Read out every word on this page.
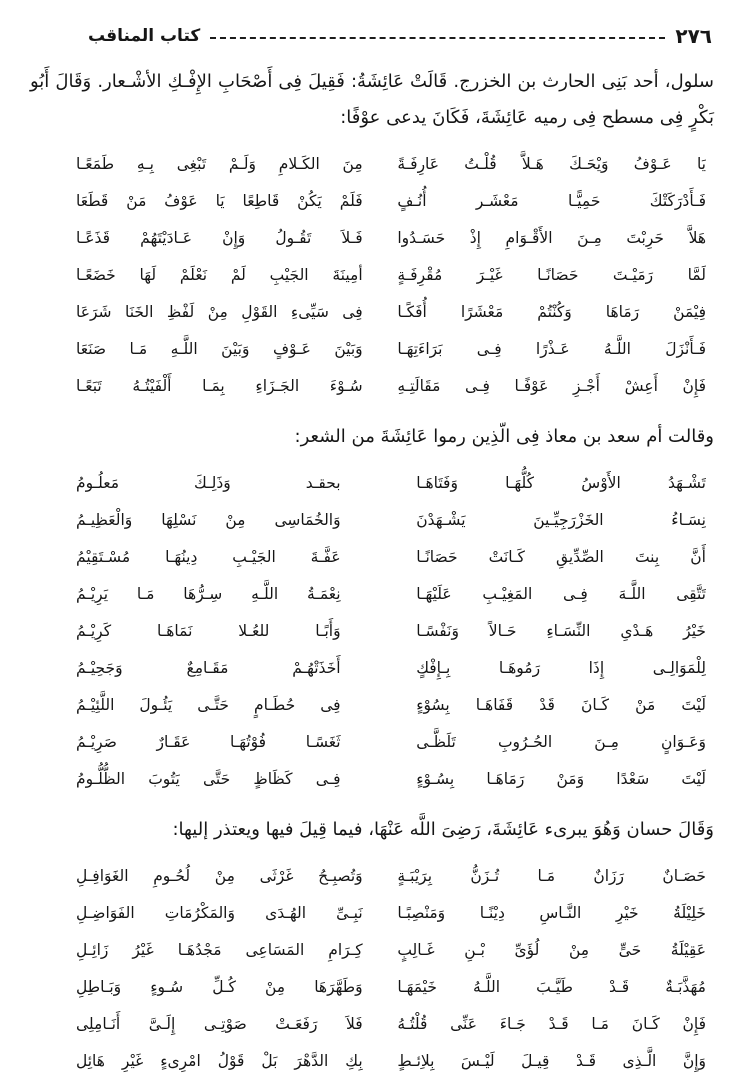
٢٧٦
كتاب المناقب

سلول، أحد بَنِى الحارث بن الخزرج. قَالَتْ عَائِشَةُ: فَقِيلَ فِى أَصْحَابِ الإِفْـكِ الأشْـعار. وَقَالَ أَبُو بَكْرٍ فِى مسطح فِى رميه عَائِشَةَ، فَكَانَ يدعى عوْفًا:

يَا عَـوْفُ وَيْحَـكَ هَـلاَّ قُلْـتُ عَارِفَـةً
مِنَ الكَـلامِ وَلَـمْ تَبْغِى بِـهِ طَمَعًـا
فَـأَدْرَكَتْكَ حَمِيًّـا مَعْشَـر أُنُـفٍ
فَلَمْ يَكُنْ قَاطِعًا يَا عَوْفُ مَنْ قَطَعَا
هَلاَّ حَرِبْتَ مِـنَ الأَقْـوَامِ إِذْ حَسَـدُوا
فَـلاَ تَقُـولُ وَإِنْ عَـادَيْتَهُمْ قَذَعًـا
لَمَّا رَمَيْـتَ حَصَانًـا غَيْـرَ مُقْرِفَـةٍ
أمِينَةَ الجَيْبِ لَمْ نَعْلَمْ لَهَا خَضَعًـا
فِيْمَنْ رَمَاهَا وَكُنْتُمْ مَعْشَرًا أُفَكًـا
فِى سَيِّىءِ القَوْلِ مِنْ لَفْظِ الخَنَا شَرَعَا
فَـأَنْزَلَ اللَّـهُ عَـذْرًا فِـى بَرَاءَتِهَـا
وَبَيْنَ عَـوْفٍ وَبَيْنَ اللَّـهِ مَـا صَنَعَا
فَإِنْ أَعِشْ أَجْـزِ عَوْفًـا فِـى مَقَالَتِـهِ
سُـوْءَ الجَـزَاءِ بِمَـا أَلْفَيْتُـهُ تَبَعًـا

وقالت أم سعد بن معاذ فِى الّذِين رموا عَائِشَةَ من الشعر:

تَشْـهَدُ الأَوْسُ كُلُّهَـا وَفَتَاهَـا
بحقـد وَذَلِـكَ مَعلُـومُ
نِسَـاءُ الخَزْرَجِيِّـينَ يَشْـهَدْنَ
وَالخُمَاسِى مِنْ نَسْلِهَا وَالْعَظِيـمُ
أَنَّ بِنتَ الصِّدِّيقِ كَـانَتْ حَصَانًـا
عَفَّـةَ الجَيْـبِ دِينُهَـا مُسْـتَقِيْمُ
تَتَّقِى اللَّـهَ فِـى المَغِيْـبِ عَلَيْهَـا
نِعْمَـةُ اللَّـهِ سِـرُّهَا مَـا يَرِيْـمُ
خَيْرُ هَـدْىِ النِّسَـاءِ حَـالاً وَنَفْسًـا
وَأَبًـا للعُـلا نَمَاهَـا كَرِيْـمُ
لِلْمَوَالِـى إِذَا رَمُوهَـا بِـإِفْكٍ
أَخَذَتْهُـمْ مَقَـامِعٌ وَجَحِيْـمُ
لَيْتَ مَنْ كَـانَ قَدْ قَفَاهَـا بِسُوْءٍ
فِى حُطَـامٍ حَتَّـى يَئُـولَ اللَّئِيْـمُ
وَعَـوَانٍ مِـنَ الحُـرُوبِ تَلَظَّـى
ثَغَسًـا فُوْتُهَـا عَقَـارٌ صَرِيْـمُ
لَيْتَ سَعْدًا وَمَنْ رَمَاهَـا بِسُـوْءٍ
فِـى كَظَاظٍ حَتَّى يَتُوبَ الظُّلُّـومُ

وَقَالَ حسان وَهُوَ يبرىء عَائِشَةَ، رَضِىَ اللَّه عَنْهَا، فيما قِيلَ فيها ويعتذر إليها:

حَصَـانٌ رَزَانٌ مَـا تُـزَنُّ بِرَيْبَـةٍ
وَتُصبِـحُ غَرْثَى مِنْ لُحُـومِ الغَوَافِـلِ
خَلِيْلَةُ خَيْرِ النَّـاسِ دِيْنًـا وَمَنْصِبًـا
نَبِـىِّ الهُـدَى وَالمَكْرُمَاتِ الفَوَاضِـلِ
عَقِيْلَةُ حَىٍّ مِنْ لُؤَىِّ بْـنِ غَـالِبٍ
كِـرَامِ المَسَاعِى مَجْدُهَـا غَيْرُ زَائِـلِ
مُهَذَّبَـةٌ قَـدْ طَيَّـبَ اللَّـهُ خَيْمَهَـا
وَطَهَّرَهَا مِنْ كُـلِّ سُـوءٍ وَبَـاطِلِ
فَإِنْ كَـانَ مَـا قَـدْ جَـاءَ عَنِّى قُلْتُـهُ
فَلاَ رَفَعَـتْ صَوْتِـى إِلَـىَّ أَنَـامِلِى
وَإِنَّ الَّـذِى قَـدْ قِيـلَ لَيْـسَ بِلاِئـطٍ
بِكِ الدَّهْرَ بَلْ قَوْلُ امْرِىءٍ غَيْرِ هَائِل
